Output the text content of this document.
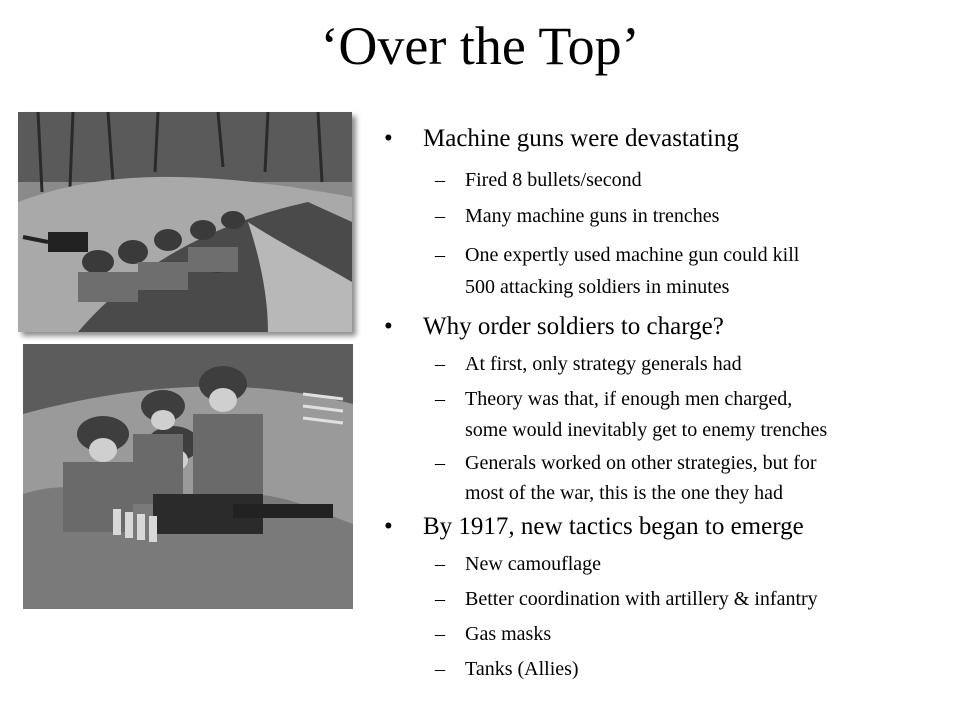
‘Over the Top’
• Machine guns were devastating
– Fired 8 bullets/second
– Many machine guns in trenches
– One expertly used machine gun could kill
500 attacking soldiers in minutes
• Why order soldiers to charge?
– At first, only strategy generals had
– Theory was that, if enough men charged,
some would inevitably get to enemy trenches
– Generals worked on other strategies, but for
most of the war, this is the one they had
• By 1917, new tactics began to emerge
– New camouflage
– Better coordination with artillery & infantry
– Gas masks
– Tanks (Allies)
